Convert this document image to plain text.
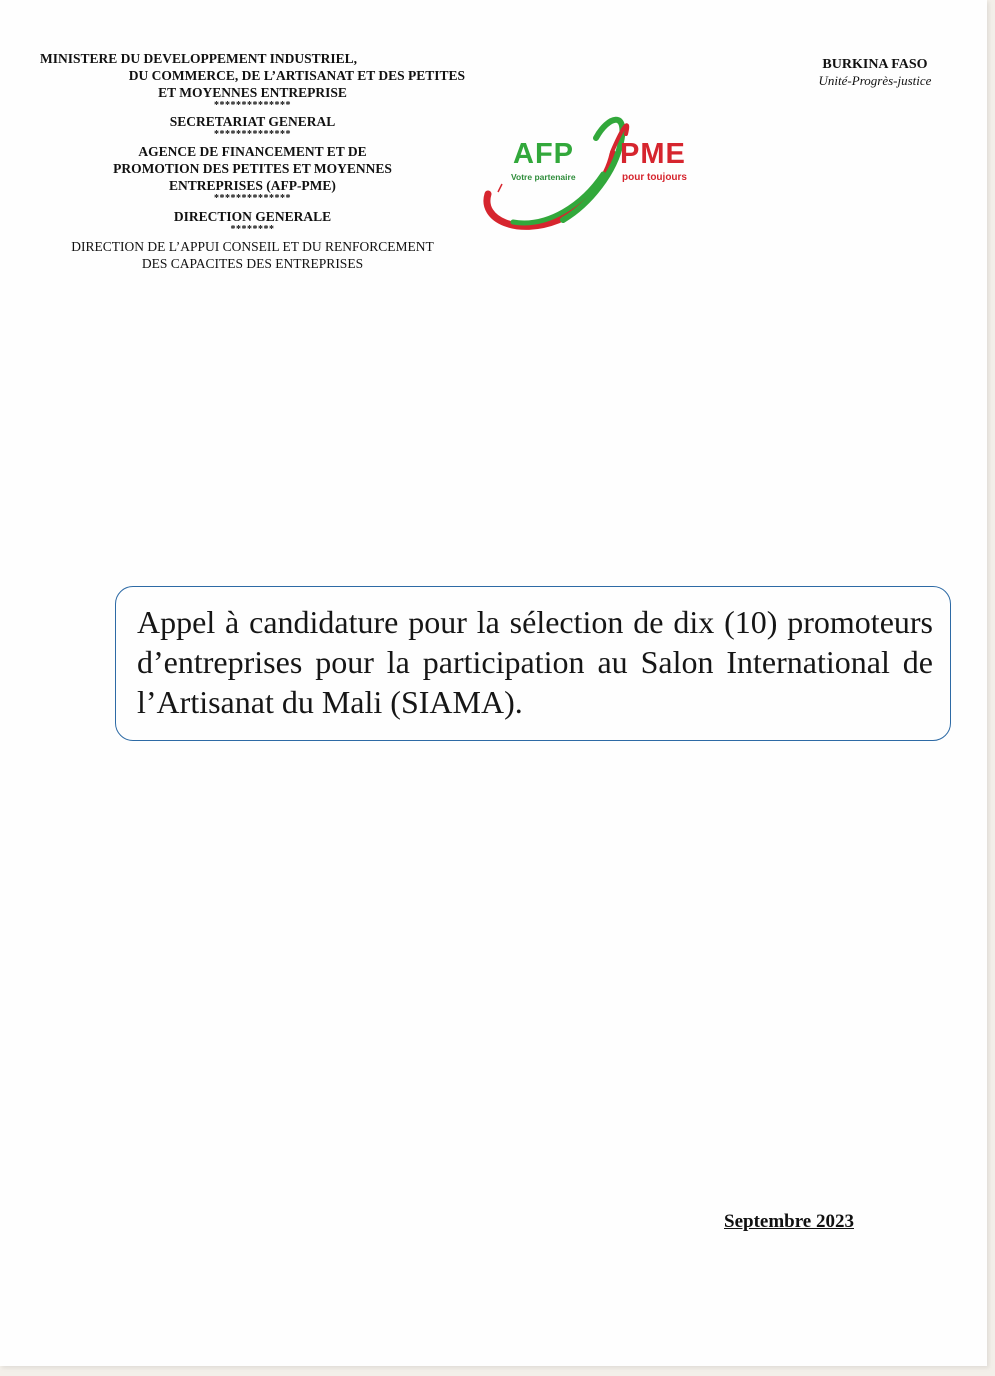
MINISTERE DU DEVELOPPEMENT INDUSTRIEL,
DU COMMERCE, DE L’ARTISANAT ET DES PETITES
ET MOYENNES ENTREPRISE
**************
SECRETARIAT GENERAL
**************
AGENCE DE FINANCEMENT ET DE
PROMOTION DES PETITES ET MOYENNES
ENTREPRISES (AFP-PME)
**************
DIRECTION GENERALE
********
DIRECTION DE L’APPUI CONSEIL ET DU RENFORCEMENT
DES CAPACITES DES ENTREPRISES
BURKINA FASO
Unité-Progrès-justice
AFP PME
Votre partenaire	pour toujours
Appel à candidature pour la sélection de dix (10) promoteurs d’entreprises pour la participation au Salon International de l’Artisanat du Mali (SIAMA).
Septembre 2023
